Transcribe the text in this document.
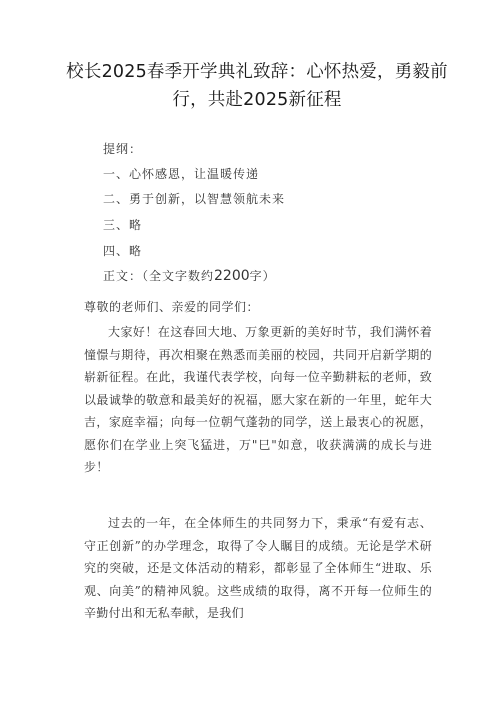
校长2025春季开学典礼致辞：心怀热爱，勇毅前行，共赴2025新征程
提纲：
一、心怀感恩，让温暖传递
二、勇于创新，以智慧领航未来
三、略
四、略
正文：（全文字数约2200字）
尊敬的老师们、亲爱的同学们：

大家好！在这春回大地、万象更新的美好时节，我们满怀着憧憬与期待，再次相聚在熟悉而美丽的校园，共同开启新学期的崭新征程。在此，我谨代表学校，向每一位辛勤耕耘的老师，致以最诚挚的敬意和最美好的祝福，愿大家在新的一年里，蛇年大吉，家庭幸福；向每一位朝气蓬勃的同学，送上最衷心的祝愿，愿你们在学业上突飞猛进，万"巳"如意，收获满满的成长与进步！

过去的一年，在全体师生的共同努力下，秉承“有爱有志、守正创新”的办学理念，取得了令人瞩目的成绩。无论是学术研究的突破，还是文体活动的精彩，都彰显了全体师生“进取、乐观、向美”的精神风貌。这些成绩的取得，离不开每一位师生的辛勤付出和无私奉献，是我们
